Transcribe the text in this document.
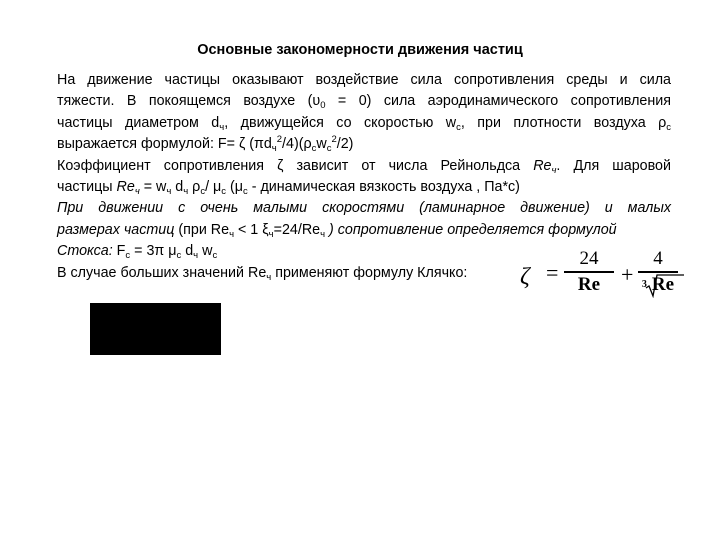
Основные закономерности движения частиц
На движение частицы оказывают воздействие сила сопротивления среды и сила
тяжести. В покоящемся воздухе $(\upsilon_0 = 0)$ сила аэродинамического сопротивления
частицы диаметром $d_ч$, движущейся со скоростью $w_с$, при плотности воздуха $\rho_с$
выражается формулой: F= ζ $(\pi d_ч^2/4)(\rho_сw_с^2/2)$
Коэффициент сопротивления ζ зависит от числа Рейнольдса $Re_ч$. Для шаровой
частицы $Re_ч = w_ч$ $d_ч$ $\rho_с/$ $\mu_с$ ($\mu_с$ - динамическая вязкость воздуха , Па*с)
При движении с очень малыми скоростями (ламинарное движение) и малых
размерах частиц (при $Re_ч < 1$ $\xi_ч=24/Re_ч$ ) сопротивление определяется формулой
Стокса: $F_с = 3\pi$ $\mu_с$ $d_ч$ $w_с$
В случае больших значений $Re_ч$ применяют формулу Клячко:	ζ =
24
Re +
4
3 Re
